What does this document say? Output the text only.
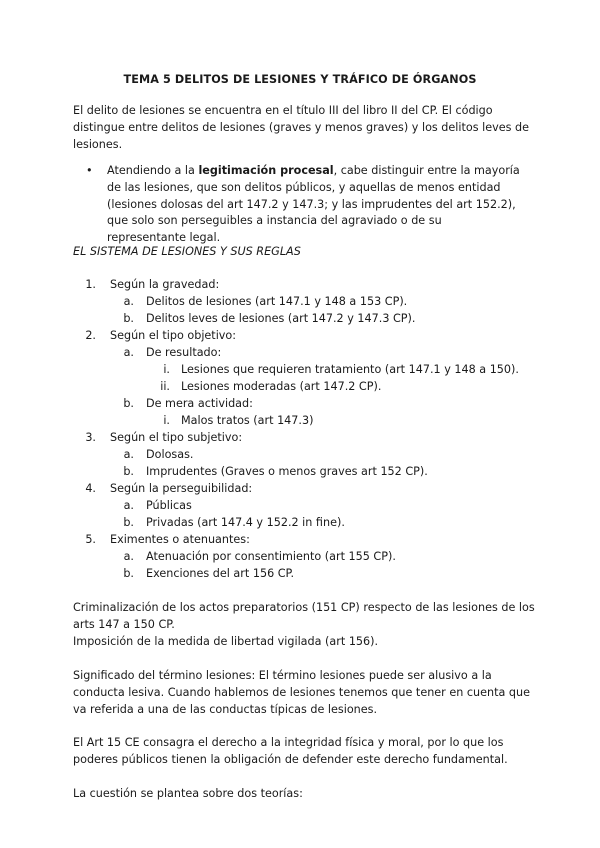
TEMA 5 DELITOS DE LESIONES Y TRÁFICO DE ÓRGANOS
El delito de lesiones se encuentra en el título III del libro II del CP. El código distingue entre delitos de lesiones (graves y menos graves) y los delitos leves de lesiones.
• Atendiendo a la legitimación procesal, cabe distinguir entre la mayoría de las lesiones, que son delitos públicos, y aquellas de menos entidad (lesiones dolosas del art 147.2 y 147.3; y las imprudentes del art 152.2), que solo son perseguibles a instancia del agraviado o de su representante legal.
EL SISTEMA DE LESIONES Y SUS REGLAS
1. Según la gravedad:
a. Delitos de lesiones (art 147.1 y 148 a 153 CP).
b. Delitos leves de lesiones (art 147.2 y 147.3 CP).
2. Según el tipo objetivo:
a. De resultado:
i. Lesiones que requieren tratamiento (art 147.1 y 148 a 150).
ii. Lesiones moderadas (art 147.2 CP).
b. De mera actividad:
i. Malos tratos (art 147.3)
3. Según el tipo subjetivo:
a. Dolosas.
b. Imprudentes (Graves o menos graves art 152 CP).
4. Según la perseguibilidad:
a. Públicas
b. Privadas (art 147.4 y 152.2 in fine).
5. Eximentes o atenuantes:
a. Atenuación por consentimiento (art 155 CP).
b. Exenciones del art 156 CP.
Criminalización de los actos preparatorios (151 CP) respecto de las lesiones de los arts 147 a 150 CP.
Imposición de la medida de libertad vigilada (art 156).
Significado del término lesiones: El término lesiones puede ser alusivo a la conducta lesiva. Cuando hablemos de lesiones tenemos que tener en cuenta que va referida a una de las conductas típicas de lesiones.
El Art 15 CE consagra el derecho a la integridad física y moral, por lo que los poderes públicos tienen la obligación de defender este derecho fundamental.
La cuestión se plantea sobre dos teorías:
